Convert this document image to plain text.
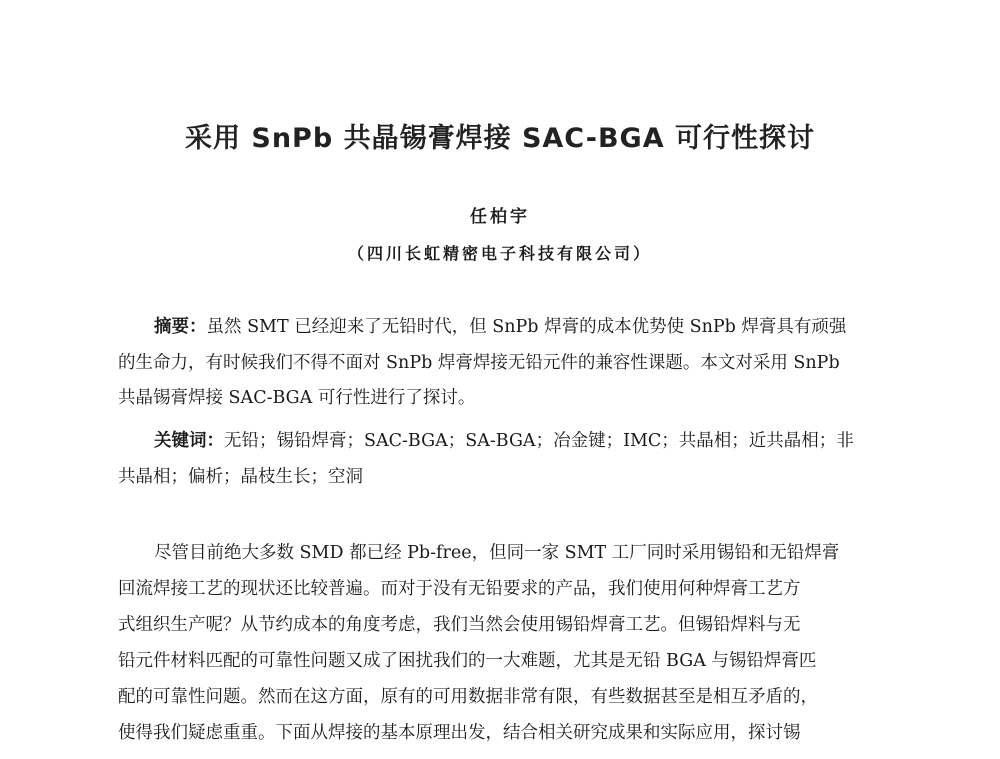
采用 SnPb 共晶锡膏焊接 SAC-BGA 可行性探讨
任柏宇
（四川长虹精密电子科技有限公司）
摘要：虽然 SMT 已经迎来了无铅时代，但 SnPb 焊膏的成本优势使 SnPb 焊膏具有顽强
的生命力，有时候我们不得不面对 SnPb 焊膏焊接无铅元件的兼容性课题。本文对采用 SnPb
共晶锡膏焊接 SAC-BGA 可行性进行了探讨。
关键词：无铅；锡铅焊膏；SAC-BGA；SA-BGA；冶金键；IMC；共晶相；近共晶相；非
共晶相；偏析；晶枝生长；空洞
尽管目前绝大多数 SMD 都已经 Pb-free，但同一家 SMT 工厂同时采用锡铅和无铅焊膏
回流焊接工艺的现状还比较普遍。而对于没有无铅要求的产品，我们使用何种焊膏工艺方
式组织生产呢？从节约成本的角度考虑，我们当然会使用锡铅焊膏工艺。但锡铅焊料与无
铅元件材料匹配的可靠性问题又成了困扰我们的一大难题，尤其是无铅 BGA 与锡铅焊膏匹
配的可靠性问题。然而在这方面，原有的可用数据非常有限，有些数据甚至是相互矛盾的，
使得我们疑虑重重。下面从焊接的基本原理出发，结合相关研究成果和实际应用，探讨锡
